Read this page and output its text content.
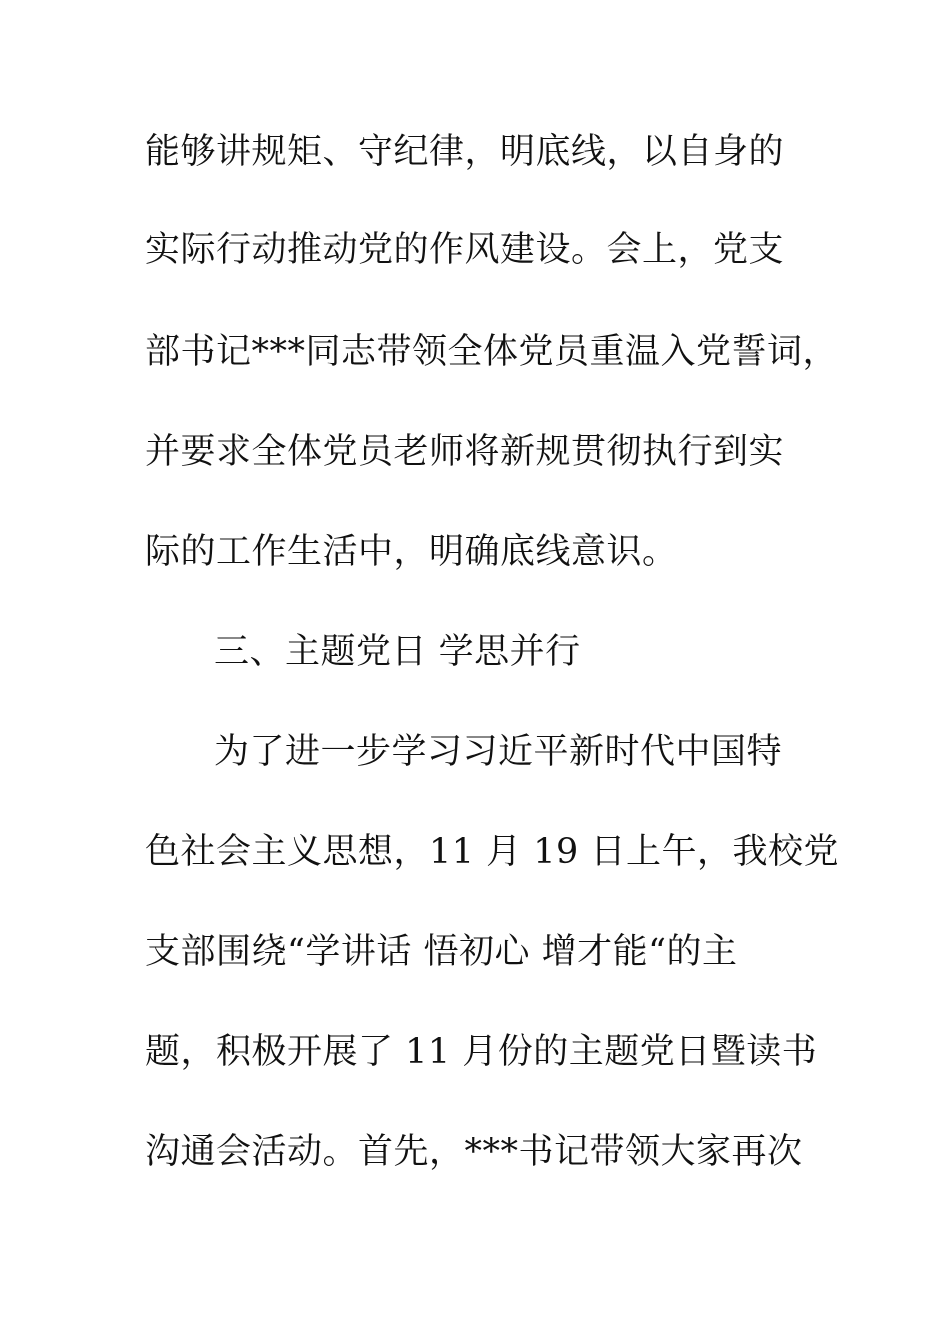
能够讲规矩、守纪律，明底线，以自身的
实际行动推动党的作风建设。会上，党支
部书记***同志带领全体党员重温入党誓词，
并要求全体党员老师将新规贯彻执行到实
际的工作生活中，明确底线意识。
三、主题党日 学思并行
为了进一步学习习近平新时代中国特
色社会主义思想，11 月 19 日上午，我校党
支部围绕“学讲话 悟初心 增才能“的主
题，积极开展了 11 月份的主题党日暨读书
沟通会活动。首先，***书记带领大家再次
